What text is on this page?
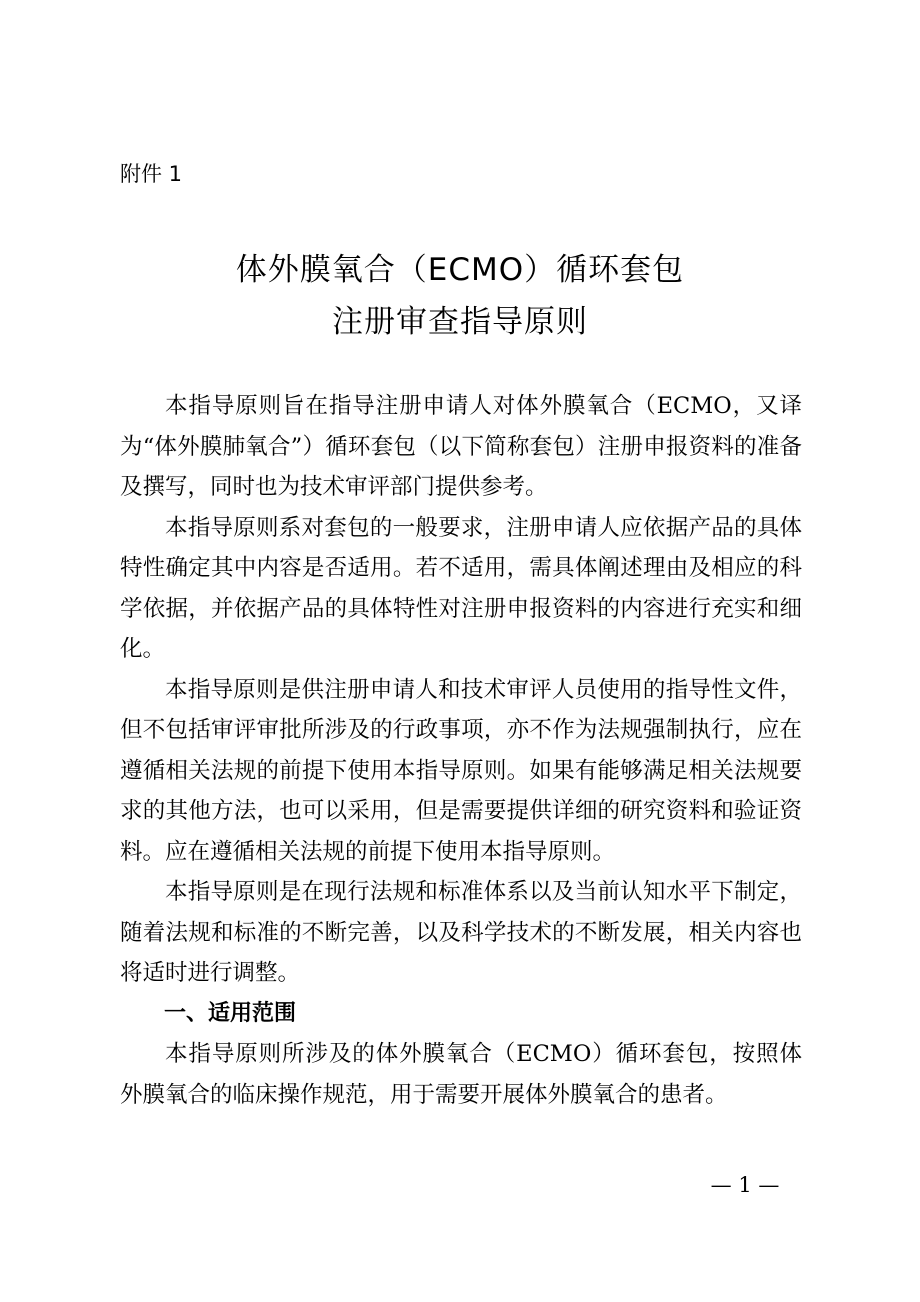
附件 1
体外膜氧合（ECMO）循环套包
注册审查指导原则

本指导原则旨在指导注册申请人对体外膜氧合（ECMO，又译为“体外膜肺氧合”）循环套包（以下简称套包）注册申报资料的准备及撰写，同时也为技术审评部门提供参考。

本指导原则系对套包的一般要求，注册申请人应依据产品的具体特性确定其中内容是否适用。若不适用，需具体阐述理由及相应的科学依据，并依据产品的具体特性对注册申报资料的内容进行充实和细化。

本指导原则是供注册申请人和技术审评人员使用的指导性文件，但不包括审评审批所涉及的行政事项，亦不作为法规强制执行，应在遵循相关法规的前提下使用本指导原则。如果有能够满足相关法规要求的其他方法，也可以采用，但是需要提供详细的研究资料和验证资料。应在遵循相关法规的前提下使用本指导原则。

本指导原则是在现行法规和标准体系以及当前认知水平下制定，随着法规和标准的不断完善，以及科学技术的不断发展，相关内容也将适时进行调整。

一、适用范围

本指导原则所涉及的体外膜氧合（ECMO）循环套包，按照体外膜氧合的临床操作规范，用于需要开展体外膜氧合的患者。

— 1 —
